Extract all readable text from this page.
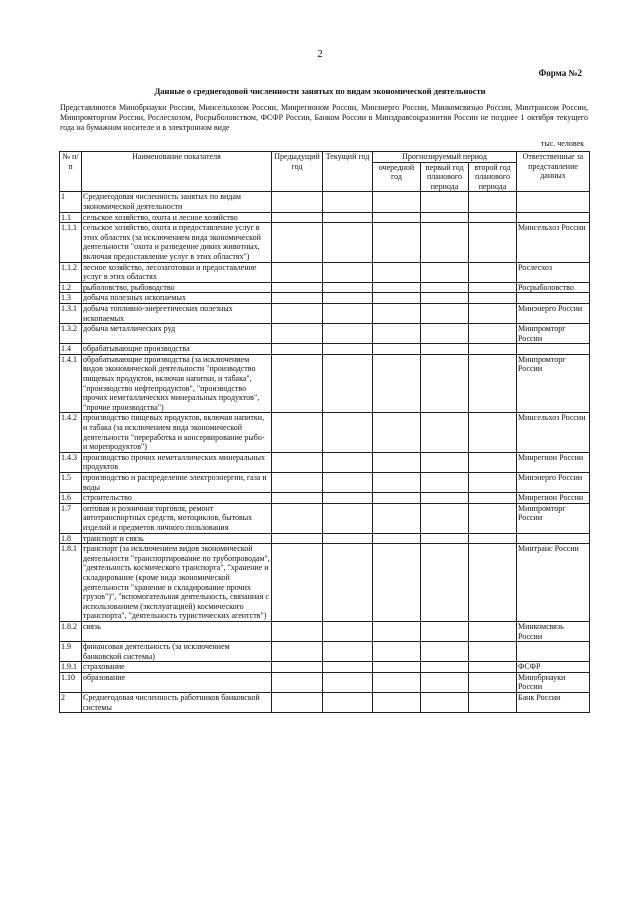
2
Форма №2
Данные о среднегодовой численности занятых по видам экономической деятельности
Представляются Минобрнауки России, Минсельхозом России, Минрегионом России, Минэнерго России, Минкомсвязью России, Минтрансом России, Минпромторгом России, Рослесхозом, Росрыболовством, ФСФР России, Банком России в Минздравсоцразвития России не позднее 1 октября текущего года на бумажном носителе и в электронном виде
тыс. человек
№ п/п	Наименование показателя	Предыдущий год	Текущий год	Прогнозируемый период			Ответственные за представление данных
				очередной год	первый год планового периода	второй год планового периода	
1	Среднегодовая численность занятых по видам экономической деятельности						
1.1	сельское хозяйство, охота и лесное хозяйство						
1.1.1	сельское хозяйство, охота и предоставление услуг в этих областях (за исключением вида экономической деятельности "охота и разведение диких животных, включая предоставление услуг в этих областях")						Минсельхоз России
1.1.2	лесное хозяйство, лесозаготовки и предоставление услуг в этих областях						Рослесхоз
1.2	рыболовство, рыбоводство						Росрыболовство
1.3	добыча полезных ископаемых						
1.3.1	добыча топливно-энергетических полезных ископаемых						Минэнерго России
1.3.2	добыча металлических руд						Минпромторг России
1.4	обрабатывающие производства						
1.4.1	обрабатывающие производства (за исключением видов экономической деятельности "производство пищевых продуктов, включая напитки, и табака", "производство нефтепродуктов", "производство прочих неметаллических минеральных продуктов", "прочие производства")						Минпромторг России
1.4.2	производство пищевых продуктов, включая напитки, и табака (за исключением вида экономической деятельности "переработка и консервирование рыбо- и морепродуктов")						Минсельхоз России
1.4.3	производство прочих неметаллических минеральных продуктов						Минрегион России
1.5	производство и распределение электроэнергии, газа и воды						Минэнерго России
1.6	строительство						Минрегион России
1.7	оптовая и розничная торговля, ремонт автотранспортных средств, мотоциклов, бытовых изделий и предметов личного пользования						Минпромторг России
1.8	транспорт и связь						
1.8.1	транспорт (за исключением видов экономической деятельности "транспортирование по трубопроводам", "деятельность космического транспорта", "хранение и складирование (кроме вида экономической деятельности "хранение и складирование прочих грузов")", "вспомогательная деятельность, связанная с использованием (эксплуатацией) космического транспорта", "деятельность туристических агентств")						Минтранс России
1.8.2	связь						Минкомсвязь России
1.9	финансовая деятельность (за исключением банковской системы)						
1.9.1	страхование						ФСФР
1.10	образование						Минобрнауки России
2	Среднегодовая численность работников банковской системы						Банк России
